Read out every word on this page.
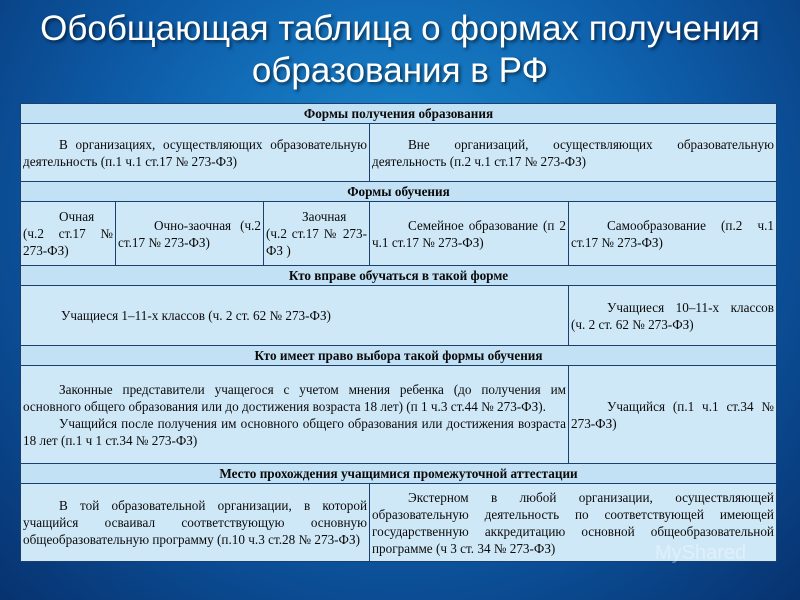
Обобщающая таблица о формах получения
образования в РФ
Формы получения образования				
В организациях, осуществляющих образовательную деятельность (п.1 ч.1 ст.17 № 273-ФЗ)			Вне организаций, осуществляющих образовательную деятельность (п.2 ч.1 ст.17 № 273-ФЗ)	
Формы обучения				
Очная (ч.2 ст.17 № 273-ФЗ)	Очно-заочная (ч.2 ст.17 № 273-ФЗ)	Заочная (ч.2 ст.17 № 273-ФЗ )	Семейное образование (п 2 ч.1 ст.17 № 273-ФЗ)	Самообразование (п.2 ч.1 ст.17 № 273-ФЗ)
Кто вправе обучаться в такой форме				
Учащиеся 1–11-х классов (ч. 2 ст. 62 № 273-ФЗ)				Учащиеся 10–11-х классов (ч. 2 ст. 62 № 273-ФЗ)
Кто имеет право выбора такой формы обучения				

Законные представители учащегося с учетом мнения ребенка (до получения им основного общего образования или до достижения возраста 18 лет) (п 1 ч.3 ст.44 № 273-ФЗ).
Учащийся после получения им основного общего образования или достижения возраста 18 лет (п.1 ч 1 ст.34 № 273-ФЗ)				Учащийся (п.1 ч.1 ст.34 № 273-ФЗ)
Место прохождения учащимися промежуточной аттестации				
В той образовательной организации, в которой учащийся осваивал соответствующую основную общеобразовательную программу (п.10 ч.3 ст.28 № 273-ФЗ)			Экстерном в любой организации, осуществляющей образовательную деятельность по соответствующей имеющей государственную аккредитацию основной общеобразовательной программе (ч 3 ст. 34 № 273-ФЗ)		MyShared
